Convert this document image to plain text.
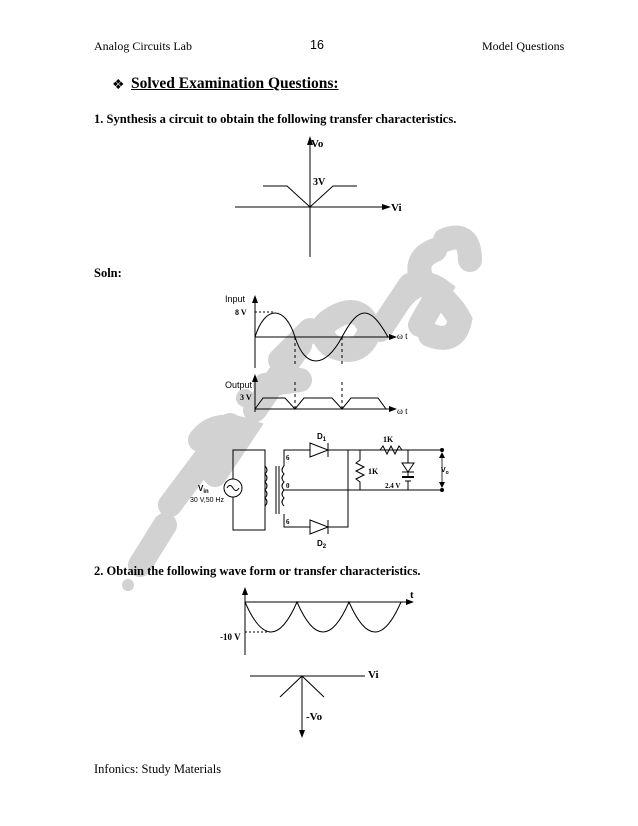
Analog Circuits Lab	16	Model Questions
❖ Solved Examination Questions:
1. Synthesis a circuit to obtain the following transfer characteristics.
Vo
3V
Vi
Soln:
Input
8 V
ω t
Output
3 V
ω t
$D_1$
$D_2$
1K
1K
2.4 V
$V_o$
$V_{in}$
30 V,50 Hz
6
0
6
2. Obtain the following wave form or transfer characteristics.
t
-10 V
Vi
-Vo
Infonics: Study Materials
